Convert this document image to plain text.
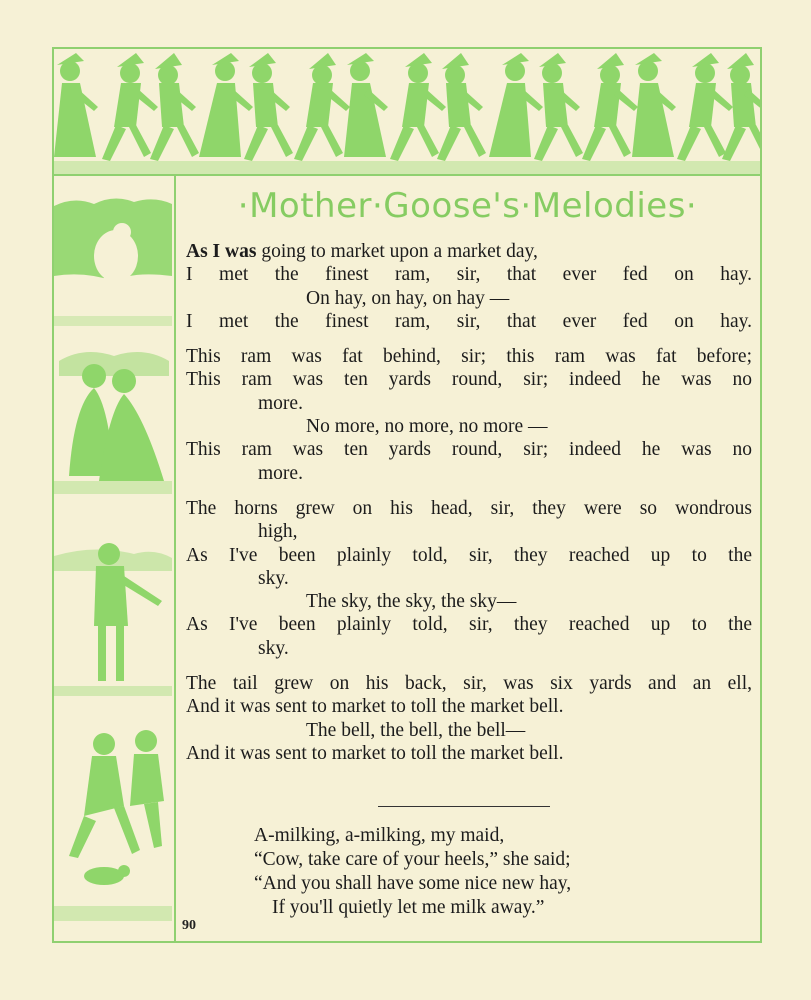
·Mother·Goose's·Melodies·
As I was going to market upon a market day,
I met the finest ram, sir, that ever fed on hay.
On hay, on hay, on hay —
I met the finest ram, sir, that ever fed on hay.
This ram was fat behind, sir; this ram was fat before;
This ram was ten yards round, sir; indeed he was no
more.
No more, no more, no more —
This ram was ten yards round, sir; indeed he was no
more.
The horns grew on his head, sir, they were so wondrous
high,
As I've been plainly told, sir, they reached up to the
sky.
The sky, the sky, the sky—
As I've been plainly told, sir, they reached up to the
sky.
The tail grew on his back, sir, was six yards and an ell,
And it was sent to market to toll the market bell.
The bell, the bell, the bell—
And it was sent to market to toll the market bell.
A-milking, a-milking, my maid,
“Cow, take care of your heels,” she said;
“And you shall have some nice new hay,
If you'll quietly let me milk away.”
90
